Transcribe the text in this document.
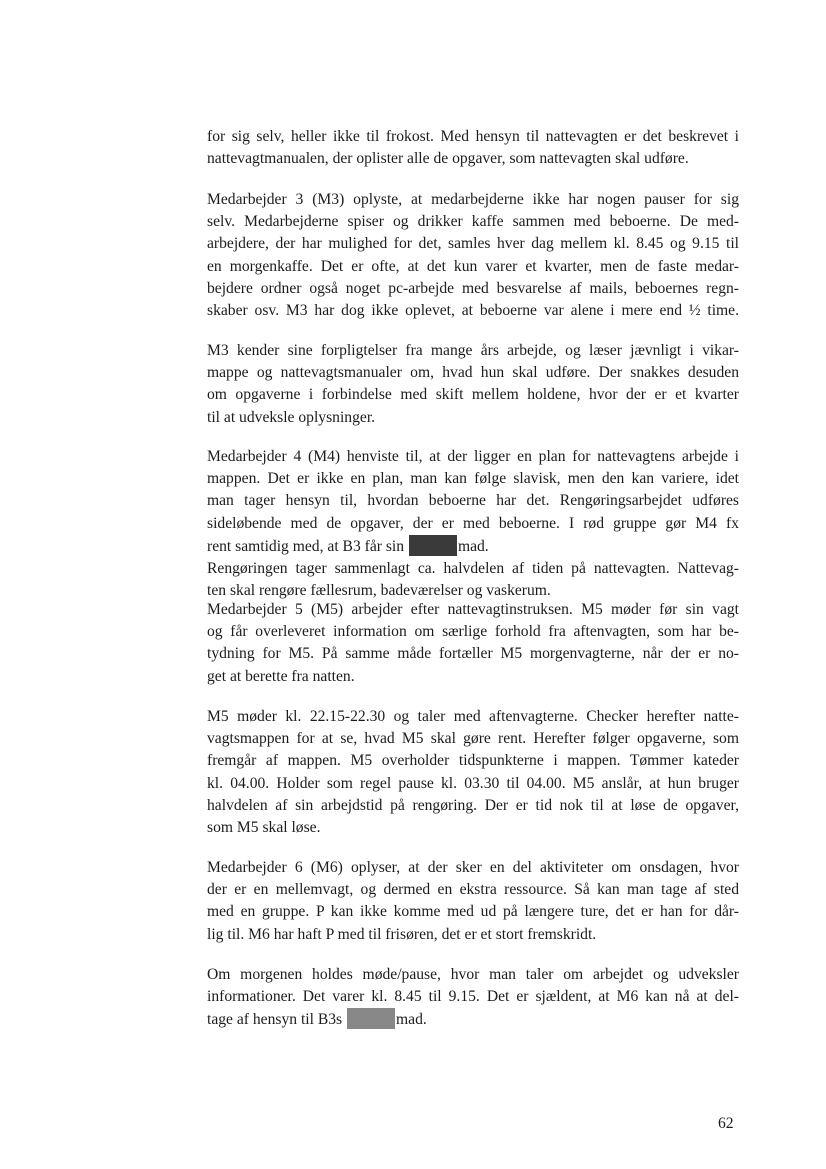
for sig selv, heller ikke til frokost. Med hensyn til nattevagten er det beskrevet i
nattevagtmanualen, der oplister alle de opgaver, som nattevagten skal udføre.
Medarbejder 3 (M3) oplyste, at medarbejderne ikke har nogen pauser for sig
selv. Medarbejderne spiser og drikker kaffe sammen med beboerne. De med-
arbejdere, der har mulighed for det, samles hver dag mellem kl. 8.45 og 9.15 til
en morgenkaffe. Det er ofte, at det kun varer et kvarter, men de faste medar-
bejdere ordner også noget pc-arbejde med besvarelse af mails, beboernes regn-
skaber osv. M3 har dog ikke oplevet, at beboerne var alene i mere end ½ time.
M3 kender sine forpligtelser fra mange års arbejde, og læser jævnligt i vikar-
mappe og nattevagtsmanualer om, hvad hun skal udføre. Der snakkes desuden
om opgaverne i forbindelse med skift mellem holdene, hvor der er et kvarter
til at udveksle oplysninger.
Medarbejder 4 (M4) henviste til, at der ligger en plan for nattevagtens arbejde i
mappen. Det er ikke en plan, man kan følge slavisk, men den kan variere, idet
man tager hensyn til, hvordan beboerne har det. Rengøringsarbejdet udføres
sideløbende med de opgaver, der er med beboerne. I rød gruppe gør M4 fx
rent samtidig med, at B3 får sin	mad.
Rengøringen tager sammenlagt ca. halvdelen af tiden på nattevagten. Nattevag-
ten skal rengøre fællesrum, badeværelser og vaskerum.
Medarbejder 5 (M5) arbejder efter nattevagtinstruksen. M5 møder før sin vagt
og får overleveret information om særlige forhold fra aftenvagten, som har be-
tydning for M5. På samme måde fortæller M5 morgenvagterne, når der er no-
get at berette fra natten.
M5 møder kl. 22.15-22.30 og taler med aftenvagterne. Checker herefter natte-
vagtsmappen for at se, hvad M5 skal gøre rent. Herefter følger opgaverne, som
fremgår af mappen. M5 overholder tidspunkterne i mappen. Tømmer kateder
kl. 04.00. Holder som regel pause kl. 03.30 til 04.00. M5 anslår, at hun bruger
halvdelen af sin arbejdstid på rengøring. Der er tid nok til at løse de opgaver,
som M5 skal løse.
Medarbejder 6 (M6) oplyser, at der sker en del aktiviteter om onsdagen, hvor
der er en mellemvagt, og dermed en ekstra ressource. Så kan man tage af sted
med en gruppe. P kan ikke komme med ud på længere ture, det er han for dår-
lig til. M6 har haft P med til frisøren, det er et stort fremskridt.
Om morgenen holdes møde/pause, hvor man taler om arbejdet og udveksler
informationer. Det varer kl. 8.45 til 9.15. Det er sjældent, at M6 kan nå at del-
tage af hensyn til B3s	mad.
62
